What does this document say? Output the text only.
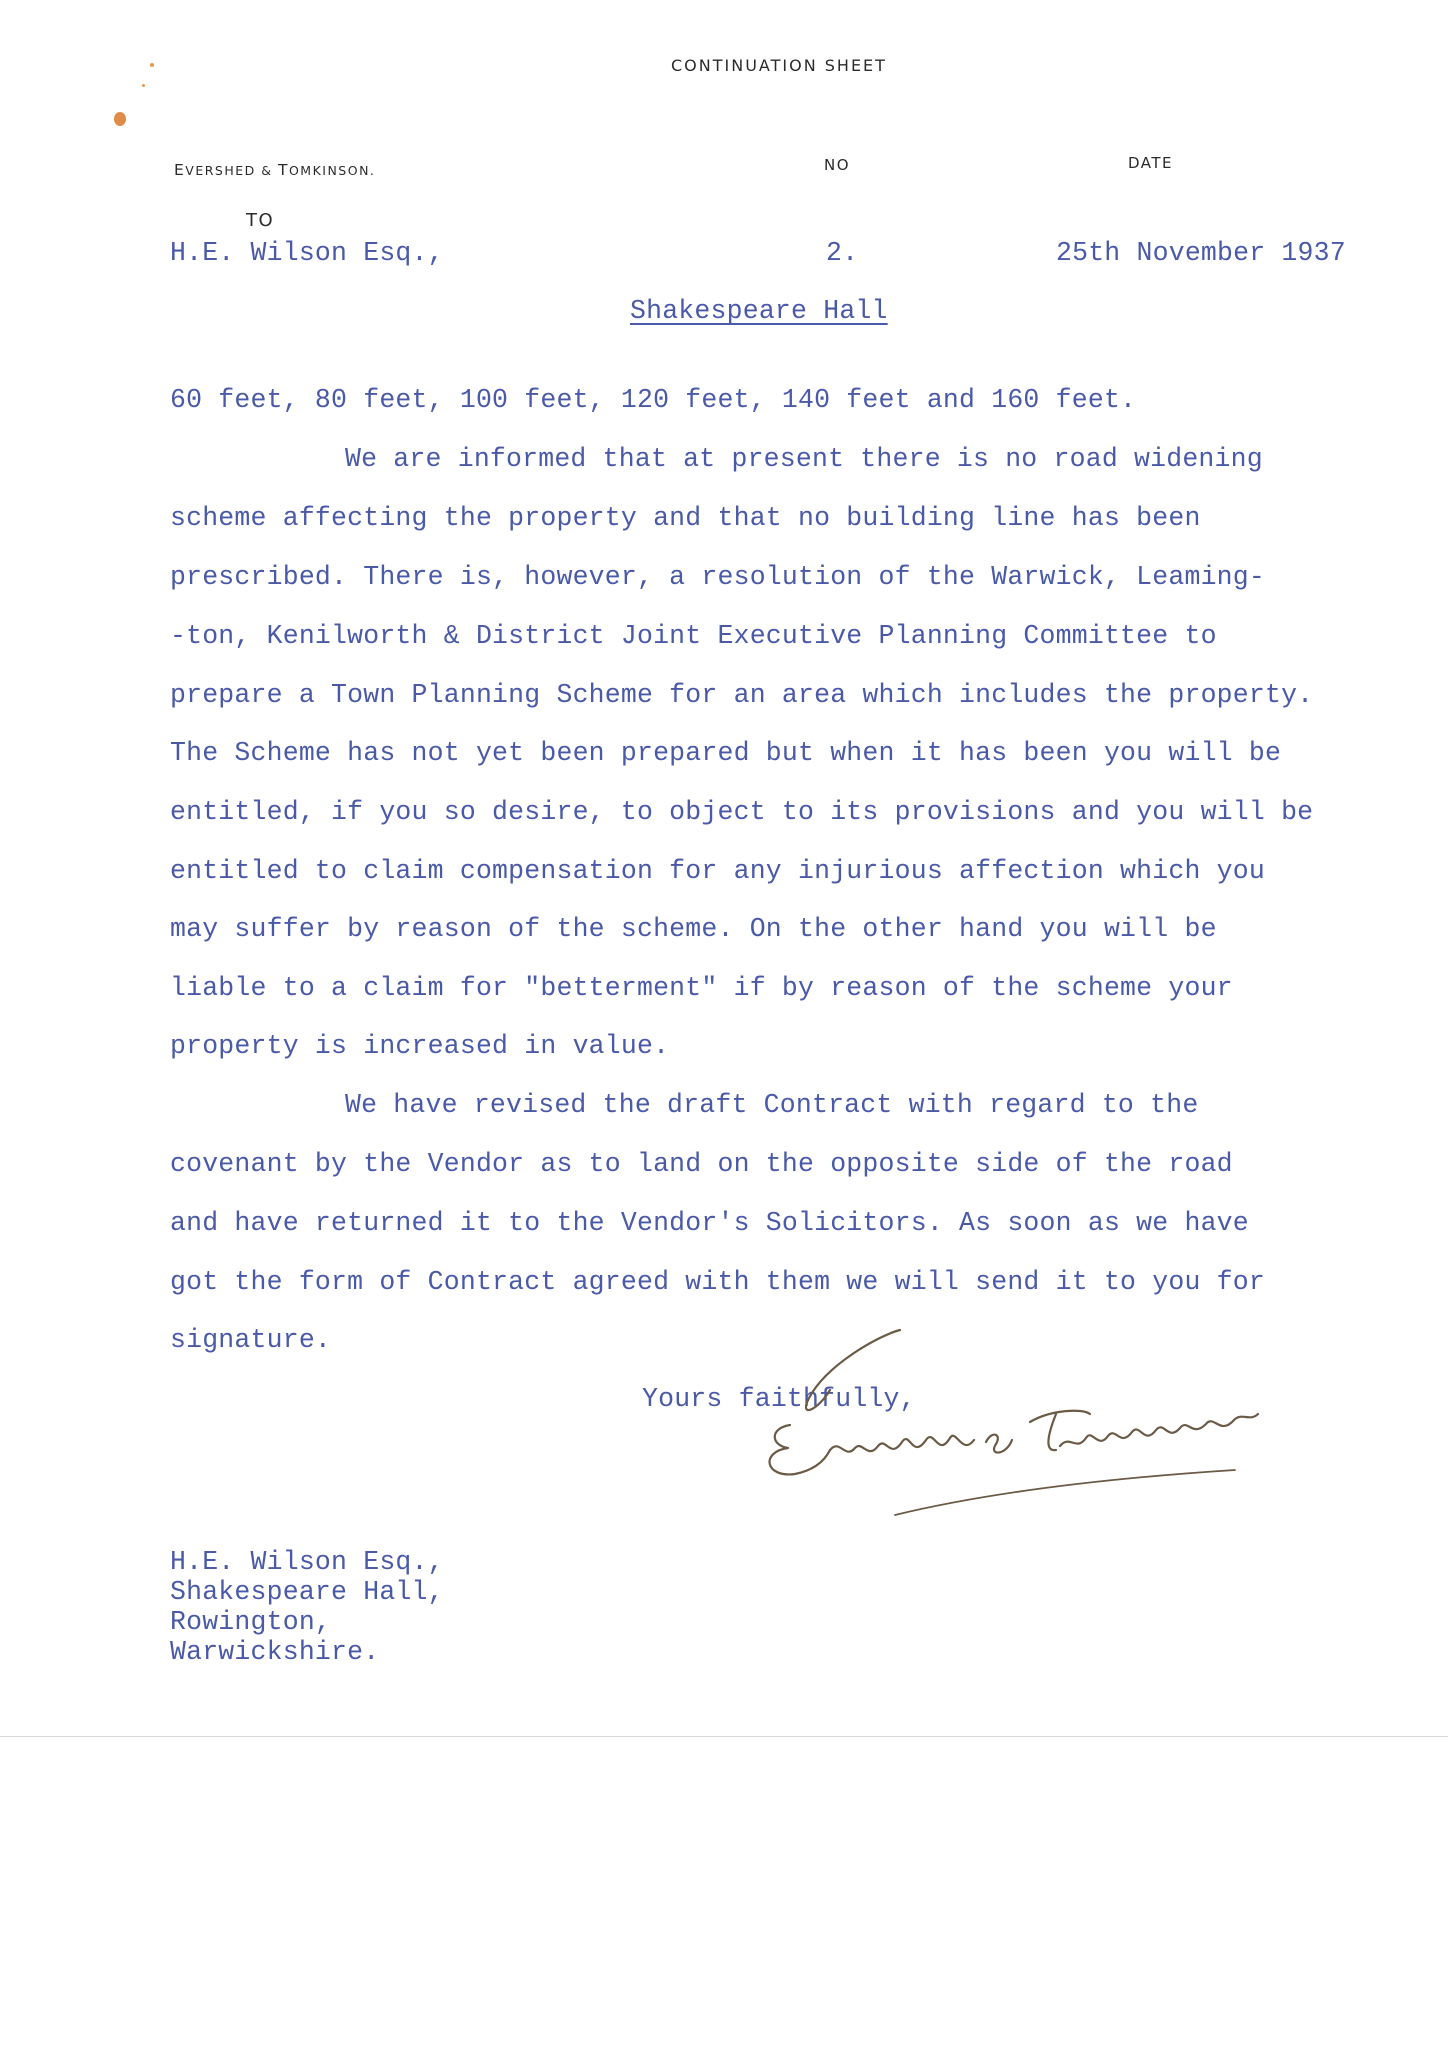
CONTINUATION SHEET
EVERSHED & TOMKINSON.	NO	DATE
TO
H.E. Wilson Esq.,	2.	25th November 1937
Shakespeare Hall
60 feet, 80 feet, 100 feet, 120 feet, 140 feet and 160 feet.
We are informed that at present there is no road widening
scheme affecting the property and that no building line has been
prescribed. There is, however, a resolution of the Warwick, Leaming-
-ton, Kenilworth & District Joint Executive Planning Committee to
prepare a Town Planning Scheme for an area which includes the property.
The Scheme has not yet been prepared but when it has been you will be
entitled, if you so desire, to object to its provisions and you will be
entitled to claim compensation for any injurious affection which you
may suffer by reason of the scheme. On the other hand you will be
liable to a claim for "betterment" if by reason of the scheme your
property is increased in value.
We have revised the draft Contract with regard to the
covenant by the Vendor as to land on the opposite side of the road
and have returned it to the Vendor's Solicitors. As soon as we have
got the form of Contract agreed with them we will send it to you for
signature.
Yours faithfully,
H.E. Wilson Esq.,
Shakespeare Hall,
Rowington,
Warwickshire.
